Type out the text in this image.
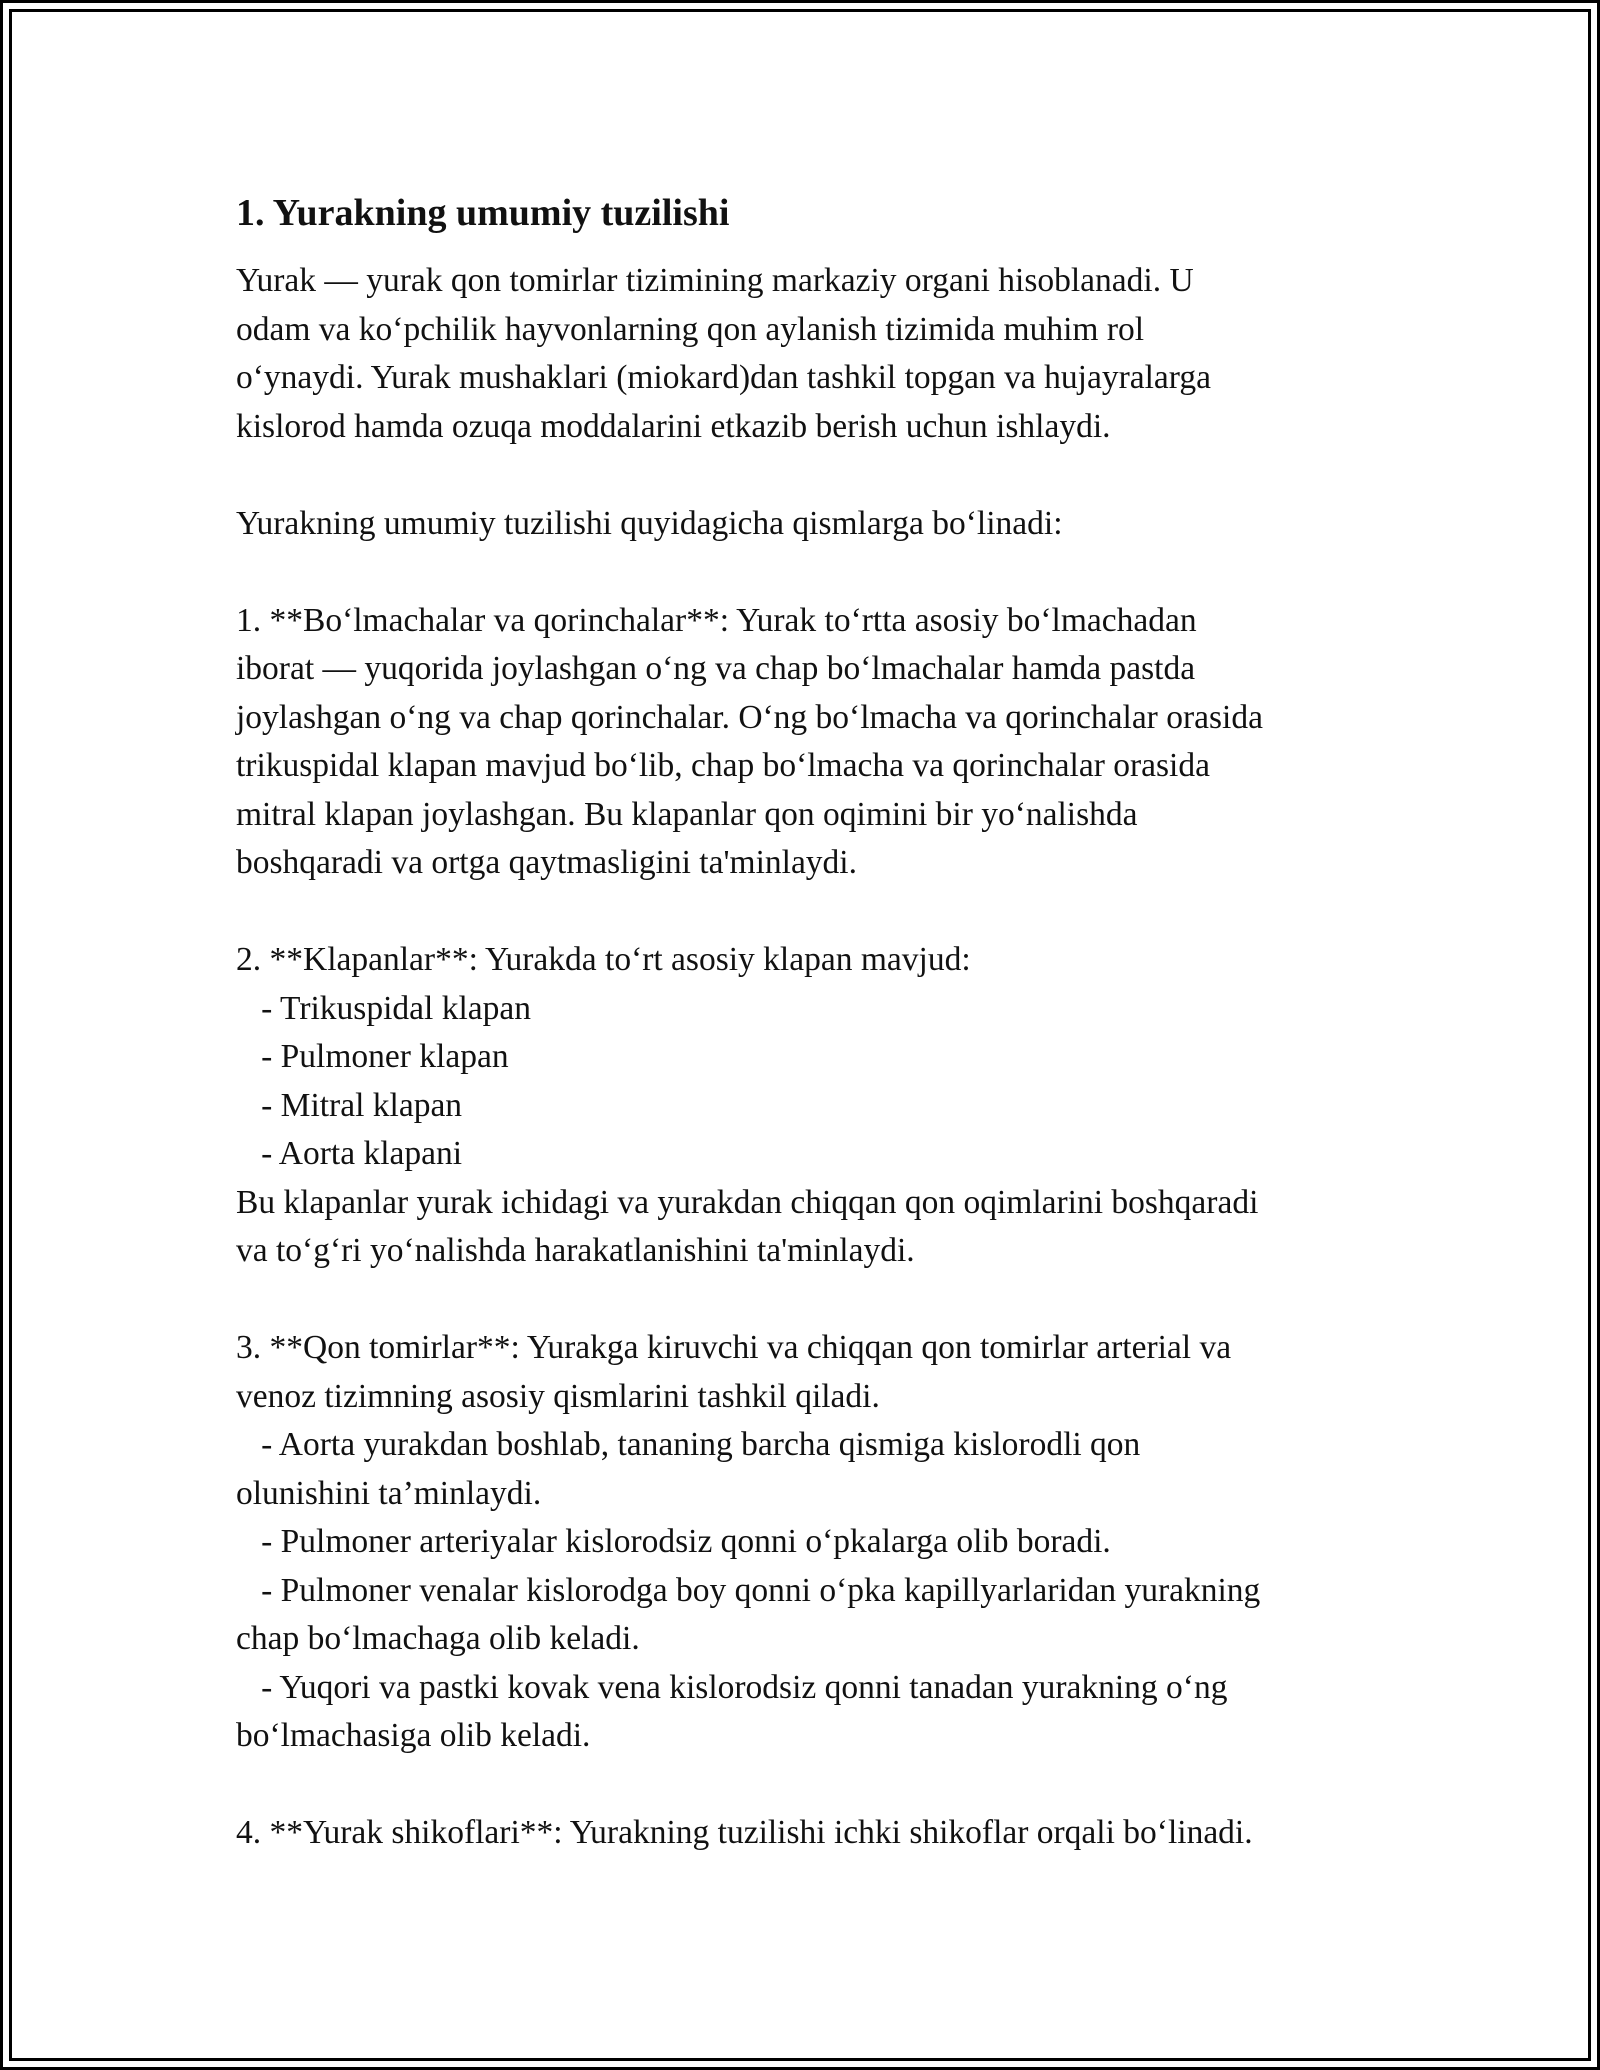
1. Yurakning umumiy tuzilishi
Yurak — yurak qon tomirlar tizimining markaziy organi hisoblanadi. U
odam va koʻpchilik hayvonlarning qon aylanish tizimida muhim rol
oʻynaydi. Yurak mushaklari (miokard)dan tashkil topgan va hujayralarga
kislorod hamda ozuqa moddalarini etkazib berish uchun ishlaydi.
Yurakning umumiy tuzilishi quyidagicha qismlarga boʻlinadi:
1. **Boʻlmachalar va qorinchalar**: Yurak toʻrtta asosiy boʻlmachadan
iborat — yuqorida joylashgan oʻng va chap boʻlmachalar hamda pastda
joylashgan oʻng va chap qorinchalar. Oʻng boʻlmacha va qorinchalar orasida
trikuspidal klapan mavjud boʻlib, chap boʻlmacha va qorinchalar orasida
mitral klapan joylashgan. Bu klapanlar qon oqimini bir yoʻnalishda
boshqaradi va ortga qaytmasligini ta'minlaydi.
2. **Klapanlar**: Yurakda toʻrt asosiy klapan mavjud:
- Trikuspidal klapan
- Pulmoner klapan
- Mitral klapan
- Aorta klapani
Bu klapanlar yurak ichidagi va yurakdan chiqqan qon oqimlarini boshqaradi
va toʻgʻri yoʻnalishda harakatlanishini ta'minlaydi.
3. **Qon tomirlar**: Yurakga kiruvchi va chiqqan qon tomirlar arterial va
venoz tizimning asosiy qismlarini tashkil qiladi.
- Aorta yurakdan boshlab, tananing barcha qismiga kislorodli qon
olunishini ta’minlaydi.
- Pulmoner arteriyalar kislorodsiz qonni oʻpkalarga olib boradi.
- Pulmoner venalar kislorodga boy qonni oʻpka kapillyarlaridan yurakning
chap boʻlmachaga olib keladi.
- Yuqori va pastki kovak vena kislorodsiz qonni tanadan yurakning oʻng
boʻlmachasiga olib keladi.
4. **Yurak shikoflari**: Yurakning tuzilishi ichki shikoflar orqali boʻlinadi.
